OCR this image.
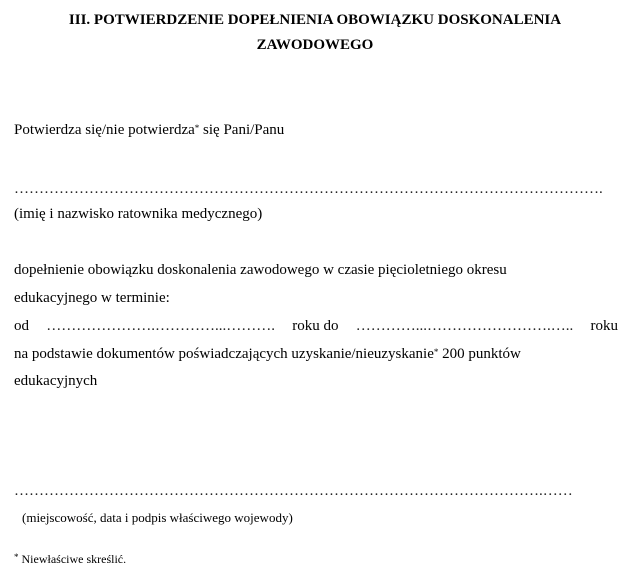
III. POTWIERDZENIE DOPEŁNIENIA OBOWIĄZKU DOSKONALENIA
ZAWODOWEGO
Potwierdza się/nie potwierdza* się Pani/Panu
……………………………………………………………………………………………………….
(imię i nazwisko ratownika medycznego)
dopełnienie obowiązku doskonalenia zawodowego w czasie pięcioletniego okresu
edukacyjnego w terminie:
od ………………….…………...………. roku do …………...…………………….….. roku
na podstawie dokumentów poświadczających uzyskanie/nieuzyskanie* 200 punktów
edukacyjnych
…………………………………………………………………………………………….……
(miejscowość, data i podpis właściwego wojewody)
* Niewłaściwe skreślić.
